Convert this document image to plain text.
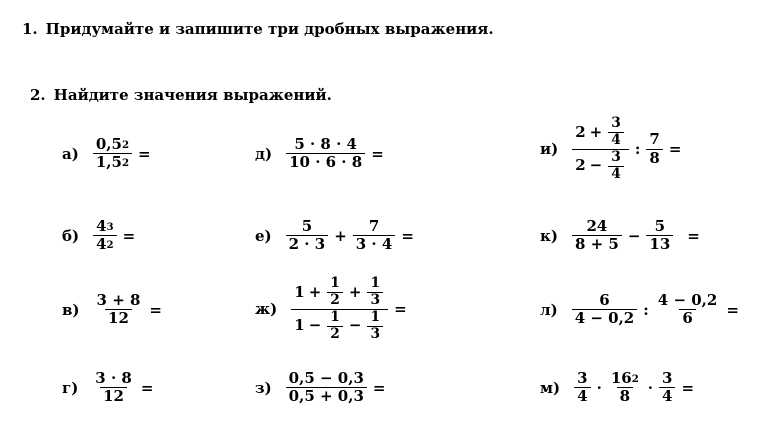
1. Придумайте и запишите три дробных выражения.
2. Найдите значения выражений.
$а) \frac{0,5 2}{1,5 2}$ =
$б) \frac{4 3}{4 2}$ =
$в) \frac{3 + 8}{12}$ =
$г) \frac{3 \cdot 8}{12}$ =
$д) \frac{5 \cdot 8 \cdot 4}{10 \cdot 6 \cdot 8}$ =
$е) \frac{5}{2 \cdot 3} + \frac{7}{3 \cdot 4}$ =
ж)
$1 + \frac{1}{2} + \frac{1}{3}$
$1 - \frac{1}{2} - \frac{1}{3}$
=
$з) \frac{0,5 - 0,3}{0,5 + 0,3}$ =
$и) \frac{2 + \frac{3}{4}}{2 - \frac{3}{4}}$ : $\frac{7}{8}$ =
$к) \frac{24}{8 + 5} - \frac{5}{13}$ =
$л) \frac{6}{4 - 0,2}$ : $\frac{4 - 0,2}{6}$ =
$м) \frac{3}{4} \cdot \frac{16 2}{8} \cdot \frac{3}{4}$ =
